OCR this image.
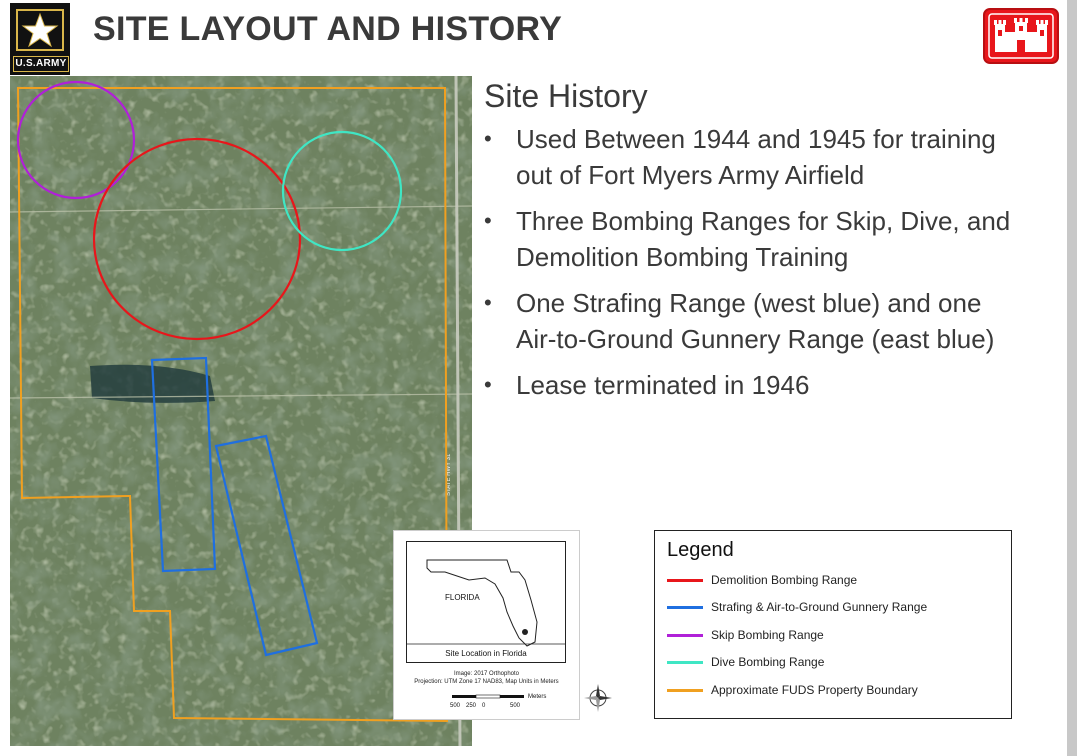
U.S.ARMY
SITE LAYOUT AND HISTORY
STATE HWY 31
Site History
• Used Between 1944 and 1945 for training out of Fort Myers Army Airfield
• Three Bombing Ranges for Skip, Dive, and Demolition Bombing Training
• One Strafing Range (west blue) and one Air-to-Ground Gunnery Range (east blue)
• Lease terminated in 1946
FLORIDA
Site Location in Florida
Image: 2017 Orthophoto
Projection: UTM Zone 17 NAD83, Map Units in Meters
Meters
500 250 0	500
Legend
Demolition Bombing Range
Strafing & Air-to-Ground Gunnery Range
Skip Bombing Range
Dive Bombing Range
Approximate FUDS Property Boundary
